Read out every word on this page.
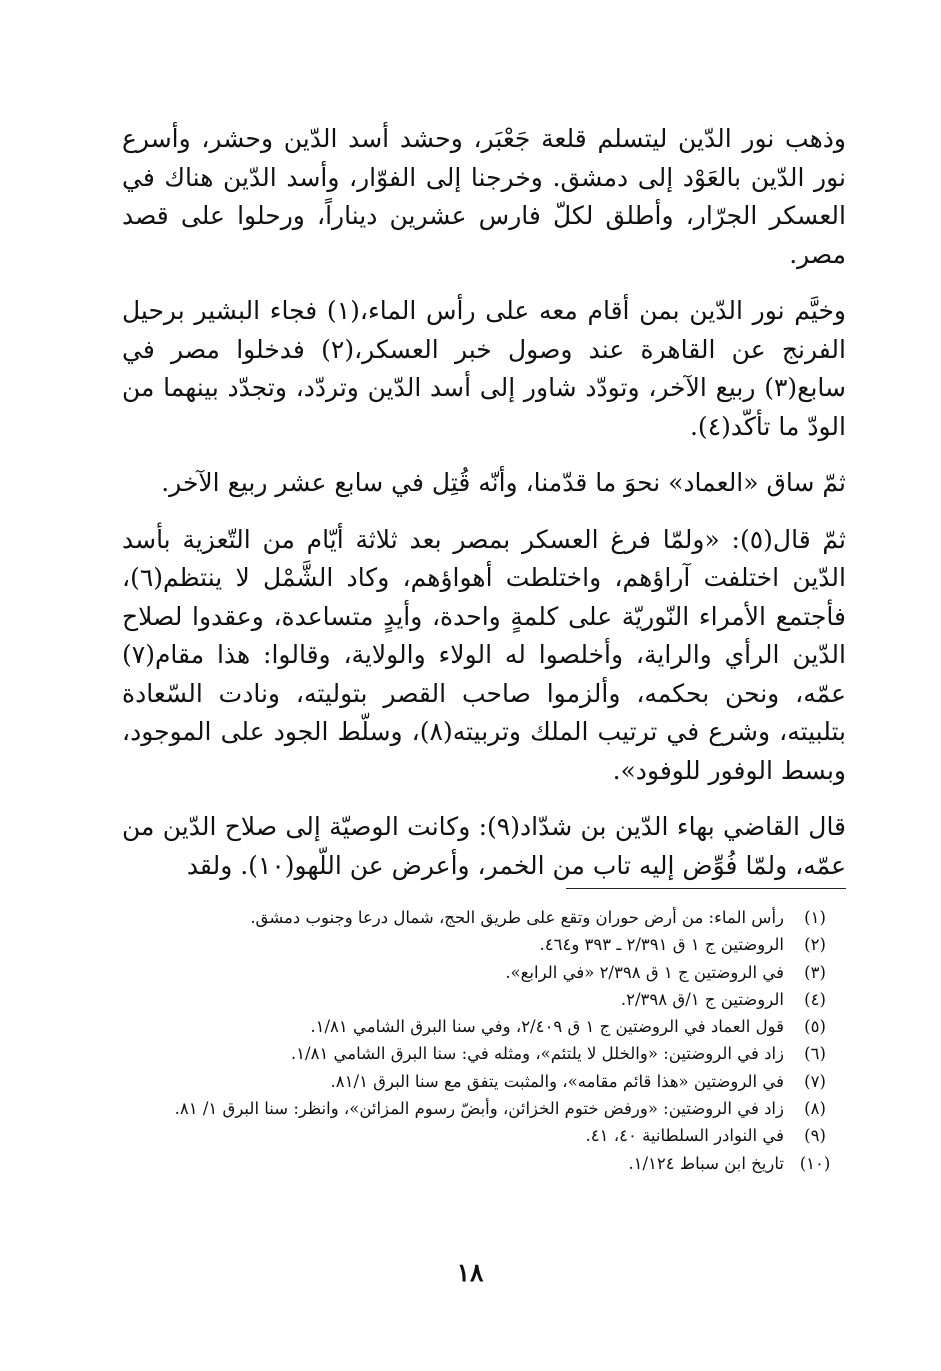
وذهب نور الدّين ليتسلم قلعة جَعْبَر، وحشد أسد الدّين وحشر، وأسرع نور الدّين بالعَوْد إلى دمشق. وخرجنا إلى الفوّار، وأسد الدّين هناك في العسكر الجرّار، وأطلق لكلّ فارس عشرين ديناراً، ورحلوا على قصد مصر.

وخيَّم نور الدّين بمن أقام معه على رأس الماء،(١) فجاء البشير برحيل الفرنج عن القاهرة عند وصول خبر العسكر،(٢) فدخلوا مصر في سابع(٣) ربيع الآخر، وتودّد شاور إلى أسد الدّين وتردّد، وتجدّد بينهما من الودّ ما تأكّد(٤).

ثمّ ساق «العماد» نحوَ ما قدّمنا، وأنّه قُتِل في سابع عشر ربيع الآخر.

ثمّ قال(٥): «ولمّا فرغ العسكر بمصر بعد ثلاثة أيّام من التّعزية بأسد الدّين اختلفت آراؤهم، واختلطت أهواؤهم، وكاد الشَّمْل لا ينتظم(٦)، فأجتمع الأمراء النّوريّة على كلمةٍ واحدة، وأيدٍ متساعدة، وعقدوا لصلاح الدّين الرأي والراية، وأخلصوا له الولاء والولاية، وقالوا: هذا مقام(٧) عمّه، ونحن بحكمه، وألزموا صاحب القصر بتوليته، ونادت السّعادة بتلبيته، وشرع في ترتيب الملك وتربيته(٨)، وسلّط الجود على الموجود، وبسط الوفور للوفود».

قال القاضي بهاء الدّين بن شدّاد(٩): وكانت الوصيّة إلى صلاح الدّين من عمّه، ولمّا فُوِّض إليه تاب من الخمر، وأعرض عن اللّهو(١٠). ولقد

(١)
رأس الماء: من أرض حوران وتقع على طريق الحج، شمال درعا وجنوب دمشق.
(٢)
الروضتين ج ١ ق ٢/٣٩١ ـ ٣٩٣ و٤٦٤.
(٣)
في الروضتين ج ١ ق ٢/٣٩٨ «في الرابع».
(٤)
الروضتين ج ١/ق ٢/٣٩٨.
(٥)
قول العماد في الروضتين ج ١ ق ٢/٤٠٩، وفي سنا البرق الشامي ١/٨١.
(٦)
زاد في الروضتين: «والخلل لا يلتئم»، ومثله في: سنا البرق الشامي ١/٨١.
(٧)
في الروضتين «هذا قائم مقامه»، والمثبت يتفق مع سنا البرق ٨١/١.
(٨)
زاد في الروضتين: «ورفض ختوم الخزائن، وأبضّ رسوم المزائن»، وانظر: سنا البرق ١/ ٨١.
(٩)
في النوادر السلطانية ٤٠، ٤١.
(١٠)
تاريخ ابن سباط ١/١٢٤.
١٨
